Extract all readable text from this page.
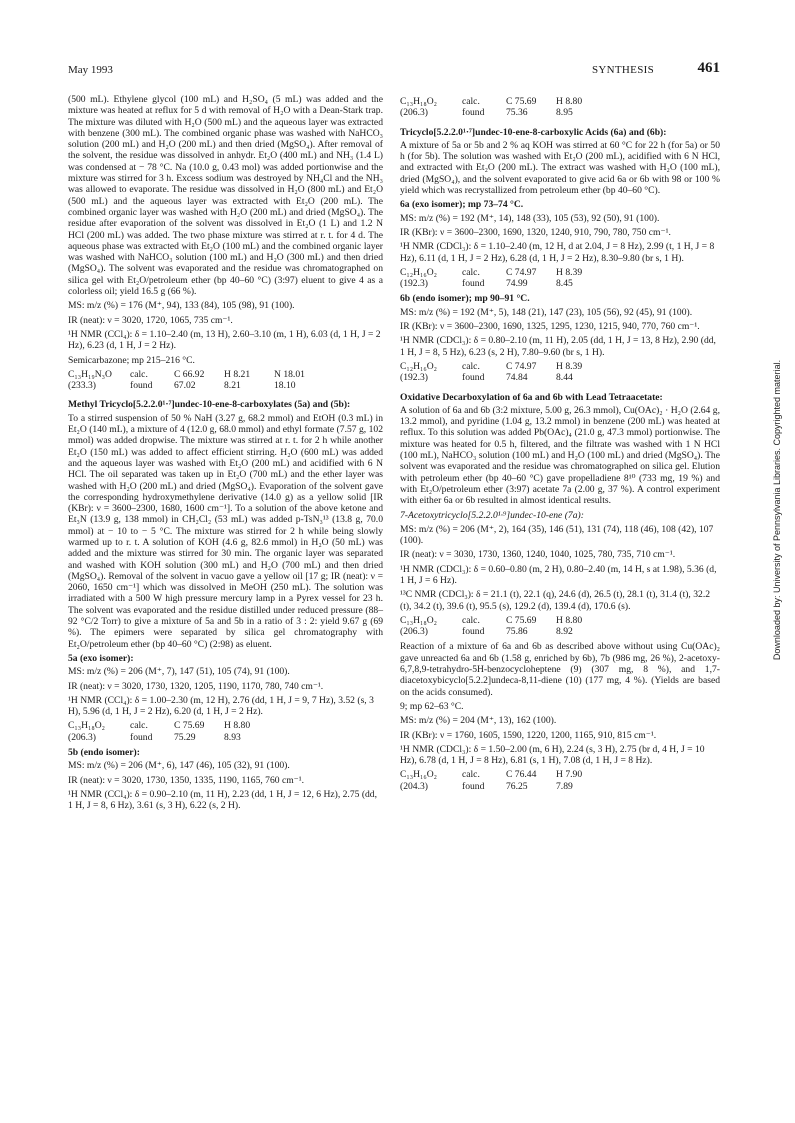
May 1993	SYNTHESIS	461

(500 mL). Ethylene glycol (100 mL) and H₂SO₄ (5 mL) was added and the mixture was heated at reflux for 5 d with removal of H₂O with a Dean-Stark trap. The mixture was diluted with H₂O (500 mL) and the aqueous layer was extracted with benzene (300 mL). The combined organic phase was washed with NaHCO₃ solution (200 mL) and H₂O (200 mL) and then dried (MgSO₄). After removal of the solvent, the residue was dissolved in anhydr. Et₂O (400 mL) and NH₃ (1.4 L) was condensed at − 78 °C. Na (10.0 g, 0.43 mol) was added portionwise and the mixture was stirred for 3 h. Excess sodium was destroyed by NH₄Cl and the NH₃ was allowed to evaporate. The residue was dissolved in H₂O (800 mL) and Et₂O (500 mL) and the aqueous layer was extracted with Et₂O (200 mL). The combined organic layer was washed with H₂O (200 mL) and dried (MgSO₄). The residue after evaporation of the solvent was dissolved in Et₂O (1 L) and 1.2 N HCl (200 mL) was added. The two phase mixture was stirred at r. t. for 4 d. The aqueous phase was extracted with Et₂O (100 mL) and the combined organic layer was washed with NaHCO₃ solution (100 mL) and H₂O (300 mL) and then dried (MgSO₄). The solvent was evaporated and the residue was chromatographed on silica gel with Et₂O/petroleum ether (bp 40–60 °C) (3:97) eluent to give 4 as a colorless oil; yield 16.5 g (66 %).

MS: m/z (%) = 176 (M⁺, 94), 133 (84), 105 (98), 91 (100).

IR (neat): ν = 3020, 1720, 1065, 735 cm⁻¹.

¹H NMR (CCl₄): δ = 1.10–2.40 (m, 13 H), 2.60–3.10 (m, 1 H), 6.03 (d, 1 H, J = 2 Hz), 6.23 (d, 1 H, J = 2 Hz).

Semicarbazone; mp 215–216 °C.

C₁₃H₁₉N₃O	calc.	C 66.92	H 8.21	N 18.01
(233.3)	found	67.02	8.21	18.10

Methyl Tricyclo[5.2.2.0¹·⁷]undec-10-ene-8-carboxylates (5a) and (5b):

To a stirred suspension of 50 % NaH (3.27 g, 68.2 mmol) and EtOH (0.3 mL) in Et₂O (140 mL), a mixture of 4 (12.0 g, 68.0 mmol) and ethyl formate (7.57 g, 102 mmol) was added dropwise. The mixture was stirred at r. t. for 2 h while another Et₂O (150 mL) was added to affect efficient stirring. H₂O (600 mL) was added and the aqueous layer was washed with Et₂O (200 mL) and acidified with 6 N HCl. The oil separated was taken up in Et₂O (700 mL) and the ether layer was washed with H₂O (200 mL) and dried (MgSO₄). Evaporation of the solvent gave the corresponding hydroxymethylene derivative (14.0 g) as a yellow solid [IR (KBr): ν = 3600–2300, 1680, 1600 cm⁻¹]. To a solution of the above ketone and Et₃N (13.9 g, 138 mmol) in CH₂Cl₂ (53 mL) was added p-TsN₃¹³ (13.8 g, 70.0 mmol) at − 10 to − 5 °C. The mixture was stirred for 2 h while being slowly warmed up to r. t. A solution of KOH (4.6 g, 82.6 mmol) in H₂O (50 mL) was added and the mixture was stirred for 30 min. The organic layer was separated and washed with KOH solution (300 mL) and H₂O (700 mL) and then dried (MgSO₄). Removal of the solvent in vacuo gave a yellow oil [17 g; IR (neat): ν = 2060, 1650 cm⁻¹] which was dissolved in MeOH (250 mL). The solution was irradiated with a 500 W high pressure mercury lamp in a Pyrex vessel for 23 h. The solvent was evaporated and the residue distilled under reduced pressure (88–92 °C/2 Torr) to give a mixture of 5a and 5b in a ratio of 3 : 2: yield 9.67 g (69 %). The epimers were separated by silica gel chromatography with Et₂O/petroleum ether (bp 40–60 °C) (2:98) as eluent.

5a (exo isomer):

MS: m/z (%) = 206 (M⁺, 7), 147 (51), 105 (74), 91 (100).

IR (neat): ν = 3020, 1730, 1320, 1205, 1190, 1170, 780, 740 cm⁻¹.

¹H NMR (CCl₄): δ = 1.00–2.30 (m, 12 H), 2.76 (dd, 1 H, J = 9, 7 Hz), 3.52 (s, 3 H), 5.96 (d, 1 H, J = 2 Hz), 6.20 (d, 1 H, J = 2 Hz).

C₁₃H₁₈O₂	calc.	C 75.69	H 8.80
(206.3)	found	75.29	8.93

5b (endo isomer):

MS: m/z (%) = 206 (M⁺, 6), 147 (46), 105 (32), 91 (100).

IR (neat): ν = 3020, 1730, 1350, 1335, 1190, 1165, 760 cm⁻¹.

¹H NMR (CCl₄): δ = 0.90–2.10 (m, 11 H), 2.23 (dd, 1 H, J = 12, 6 Hz), 2.75 (dd, 1 H, J = 8, 6 Hz), 3.61 (s, 3 H), 6.22 (s, 2 H).

C₁₃H₁₈O₂	calc.	C 75.69	H 8.80
(206.3)	found	75.36	8.95

Tricyclo[5.2.2.0¹·⁷]undec-10-ene-8-carboxylic Acids (6a) and (6b):

A mixture of 5a or 5b and 2 % aq KOH was stirred at 60 °C for 22 h (for 5a) or 50 h (for 5b). The solution was washed with Et₂O (200 mL), acidified with 6 N HCl, and extracted with Et₂O (200 mL). The extract was washed with H₂O (100 mL), dried (MgSO₄), and the solvent evaporated to give acid 6a or 6b with 98 or 100 % yield which was recrystallized from petroleum ether (bp 40–60 °C).

6a (exo isomer); mp 73–74 °C.

MS: m/z (%) = 192 (M⁺, 14), 148 (33), 105 (53), 92 (50), 91 (100).

IR (KBr): ν = 3600–2300, 1690, 1320, 1240, 910, 790, 780, 750 cm⁻¹.

¹H NMR (CDCl₃): δ = 1.10–2.40 (m, 12 H, d at 2.04, J = 8 Hz), 2.99 (t, 1 H, J = 8 Hz), 6.11 (d, 1 H, J = 2 Hz), 6.28 (d, 1 H, J = 2 Hz), 8.30–9.80 (br s, 1 H).

C₁₂H₁₆O₂	calc.	C 74.97	H 8.39
(192.3)	found	74.99	8.45

6b (endo isomer); mp 90–91 °C.

MS: m/z (%) = 192 (M⁺, 5), 148 (21), 147 (23), 105 (56), 92 (45), 91 (100).

IR (KBr): ν = 3600–2300, 1690, 1325, 1295, 1230, 1215, 940, 770, 760 cm⁻¹.

¹H NMR (CDCl₃): δ = 0.80–2.10 (m, 11 H), 2.05 (dd, 1 H, J = 13, 8 Hz), 2.90 (dd, 1 H, J = 8, 5 Hz), 6.23 (s, 2 H), 7.80–9.60 (br s, 1 H).

C₁₂H₁₆O₂	calc.	C 74.97	H 8.39
(192.3)	found	74.84	8.44

Oxidative Decarboxylation of 6a and 6b with Lead Tetraacetate:

A solution of 6a and 6b (3:2 mixture, 5.00 g, 26.3 mmol), Cu(OAc)₂ · H₂O (2.64 g, 13.2 mmol), and pyridine (1.04 g, 13.2 mmol) in benzene (200 mL) was heated at reflux. To this solution was added Pb(OAc)₄ (21.0 g, 47.3 mmol) portionwise. The mixture was heated for 0.5 h, filtered, and the filtrate was washed with 1 N HCl (100 mL), NaHCO₃ solution (100 mL) and H₂O (100 mL) and dried (MgSO₄). The solvent was evaporated and the residue was chromatographed on silica gel. Elution with petroleum ether (bp 40–60 °C) gave propelladiene 8¹⁰ (733 mg, 19 %) and with Et₂O/petroleum ether (3:97) acetate 7a (2.00 g, 37 %). A control experiment with either 6a or 6b resulted in almost identical results.

7-Acetoxytricyclo[5.2.2.0¹·⁹]undec-10-ene (7a):

MS: m/z (%) = 206 (M⁺, 2), 164 (35), 146 (51), 131 (74), 118 (46), 108 (42), 107 (100).

IR (neat): ν = 3030, 1730, 1360, 1240, 1040, 1025, 780, 735, 710 cm⁻¹.

¹H NMR (CDCl₃): δ = 0.60–0.80 (m, 2 H), 0.80–2.40 (m, 14 H, s at 1.98), 5.36 (d, 1 H, J = 6 Hz).

¹³C NMR (CDCl₃): δ = 21.1 (t), 22.1 (q), 24.6 (d), 26.5 (t), 28.1 (t), 31.4 (t), 32.2 (t), 34.2 (t), 39.6 (t), 95.5 (s), 129.2 (d), 139.4 (d), 170.6 (s).

C₁₃H₁₈O₂	calc.	C 75.69	H 8.80
(206.3)	found	75.86	8.92

Reaction of a mixture of 6a and 6b as described above without using Cu(OAc)₂ gave unreacted 6a and 6b (1.58 g, enriched by 6b), 7b (986 mg, 26 %), 2-acetoxy-6,7,8,9-tetrahydro-5H-benzocycloheptene (9) (307 mg, 8 %), and 1,7-diacetoxybicyclo[5.2.2]undeca-8,11-diene (10) (177 mg, 4 %). (Yields are based on the acids consumed).

9; mp 62–63 °C.

MS: m/z (%) = 204 (M⁺, 13), 162 (100).

IR (KBr): ν = 1760, 1605, 1590, 1220, 1200, 1165, 910, 815 cm⁻¹.

¹H NMR (CDCl₃): δ = 1.50–2.00 (m, 6 H), 2.24 (s, 3 H), 2.75 (br d, 4 H, J = 10 Hz), 6.78 (d, 1 H, J = 8 Hz), 6.81 (s, 1 H), 7.08 (d, 1 H, J = 8 Hz).

C₁₃H₁₆O₂	calc.	C 76.44	H 7.90
(204.3)	found	76.25	7.89
Downloaded by: University of Pennsylvania Libraries. Copyrighted material.
